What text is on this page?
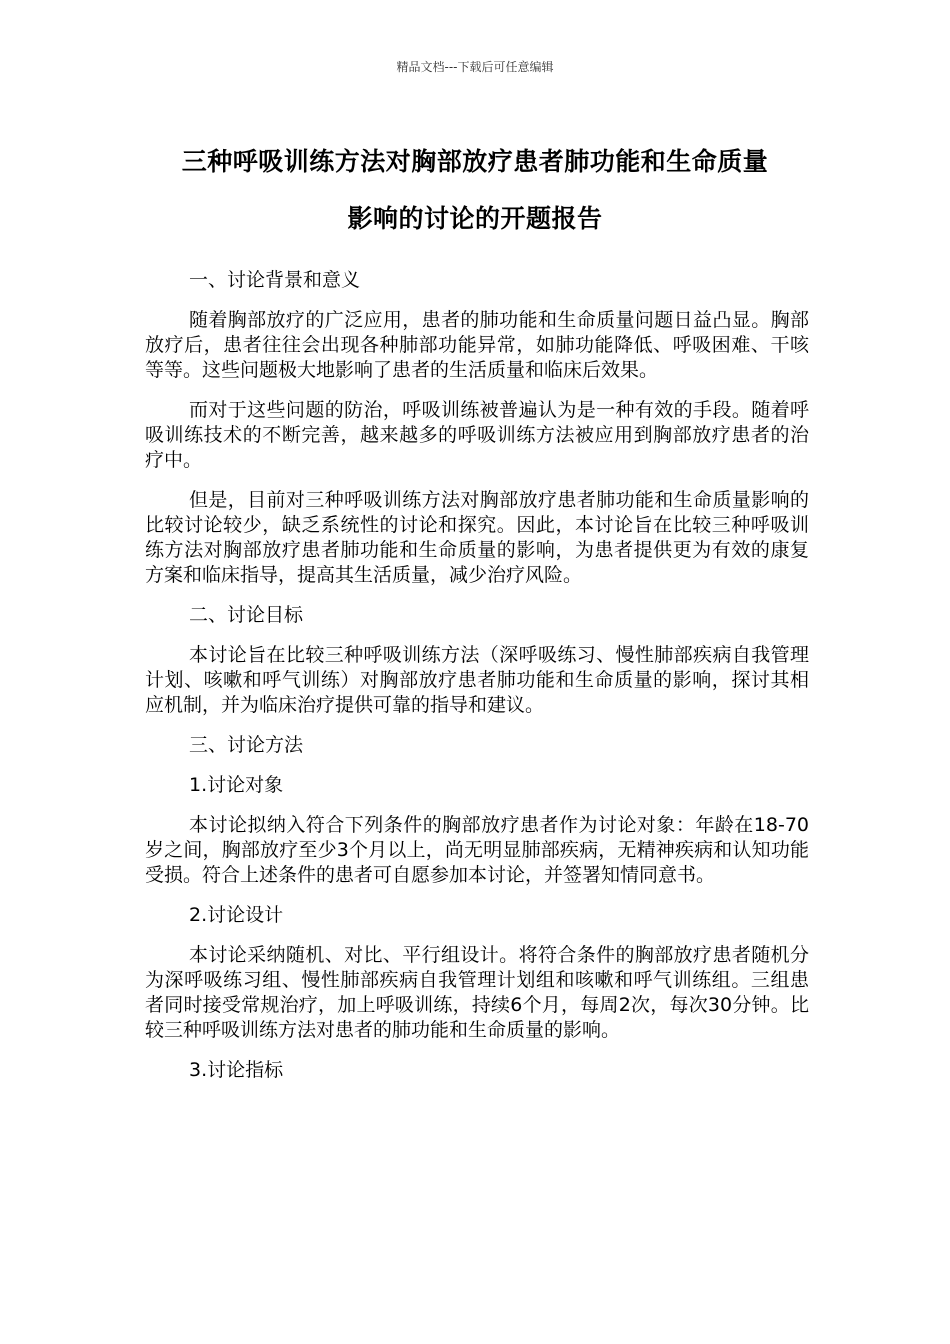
精品文档---下载后可任意编辑
三种呼吸训练方法对胸部放疗患者肺功能和生命质量
影响的讨论的开题报告

一、讨论背景和意义

随着胸部放疗的广泛应用，患者的肺功能和生命质量问题日益凸显。胸部放疗后，患者往往会出现各种肺部功能异常，如肺功能降低、呼吸困难、干咳等等。这些问题极大地影响了患者的生活质量和临床后效果。

而对于这些问题的防治，呼吸训练被普遍认为是一种有效的手段。随着呼吸训练技术的不断完善，越来越多的呼吸训练方法被应用到胸部放疗患者的治疗中。

但是，目前对三种呼吸训练方法对胸部放疗患者肺功能和生命质量影响的比较讨论较少，缺乏系统性的讨论和探究。因此，本讨论旨在比较三种呼吸训练方法对胸部放疗患者肺功能和生命质量的影响，为患者提供更为有效的康复方案和临床指导，提高其生活质量，减少治疗风险。

二、讨论目标

本讨论旨在比较三种呼吸训练方法（深呼吸练习、慢性肺部疾病自我管理计划、咳嗽和呼气训练）对胸部放疗患者肺功能和生命质量的影响，探讨其相应机制，并为临床治疗提供可靠的指导和建议。

三、讨论方法

1.讨论对象

本讨论拟纳入符合下列条件的胸部放疗患者作为讨论对象：年龄在18-70岁之间，胸部放疗至少3个月以上，尚无明显肺部疾病，无精神疾病和认知功能受损。符合上述条件的患者可自愿参加本讨论，并签署知情同意书。

2.讨论设计

本讨论采纳随机、对比、平行组设计。将符合条件的胸部放疗患者随机分为深呼吸练习组、慢性肺部疾病自我管理计划组和咳嗽和呼气训练组。三组患者同时接受常规治疗，加上呼吸训练，持续6个月，每周2次，每次30分钟。比较三种呼吸训练方法对患者的肺功能和生命质量的影响。

3.讨论指标
